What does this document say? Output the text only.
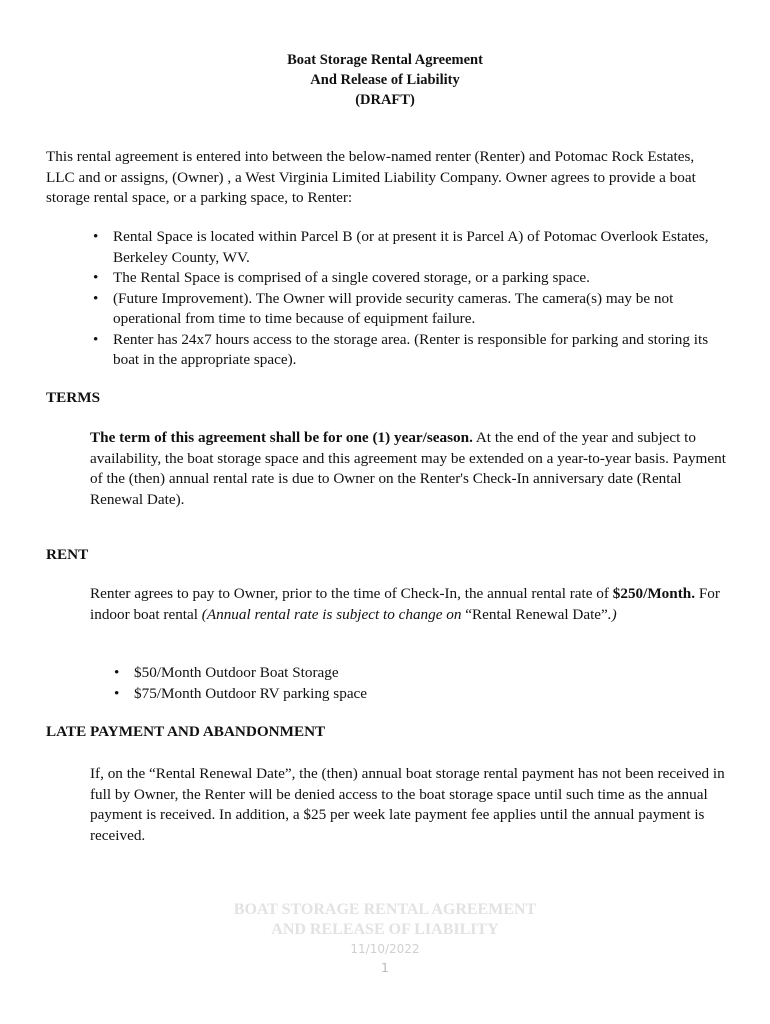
Boat Storage Rental Agreement
And Release of Liability
(DRAFT)
This rental agreement is entered into between the below-named renter (Renter) and Potomac Rock Estates, LLC and or assigns, (Owner) , a West Virginia Limited Liability Company. Owner agrees to provide a boat storage rental space, or a parking space, to Renter:
• Rental Space is located within Parcel B (or at present it is Parcel A) of Potomac Overlook Estates, Berkeley County, WV.
• The Rental Space is comprised of a single covered storage, or a parking space.
• (Future Improvement). The Owner will provide security cameras. The camera(s) may be not operational from time to time because of equipment failure.
• Renter has 24x7 hours access to the storage area. (Renter is responsible for parking and storing its boat in the appropriate space).
TERMS
The term of this agreement shall be for one (1) year/season. At the end of the year and subject to availability, the boat storage space and this agreement may be extended on a year-to-year basis. Payment of the (then) annual rental rate is due to Owner on the Renter's Check-In anniversary date (Rental Renewal Date).
RENT
Renter agrees to pay to Owner, prior to the time of Check-In, the annual rental rate of $250/Month. For indoor boat rental (Annual rental rate is subject to change on “Rental Renewal Date”.)
• $50/Month Outdoor Boat Storage
• $75/Month Outdoor RV parking space
LATE PAYMENT AND ABANDONMENT
If, on the “Rental Renewal Date”, the (then) annual boat storage rental payment has not been received in full by Owner, the Renter will be denied access to the boat storage space until such time as the annual payment is received. In addition, a $25 per week late payment fee applies until the annual payment is received.
BOAT STORAGE RENTAL AGREEMENT
AND RELEASE OF LIABILITY
11/10/2022
1
